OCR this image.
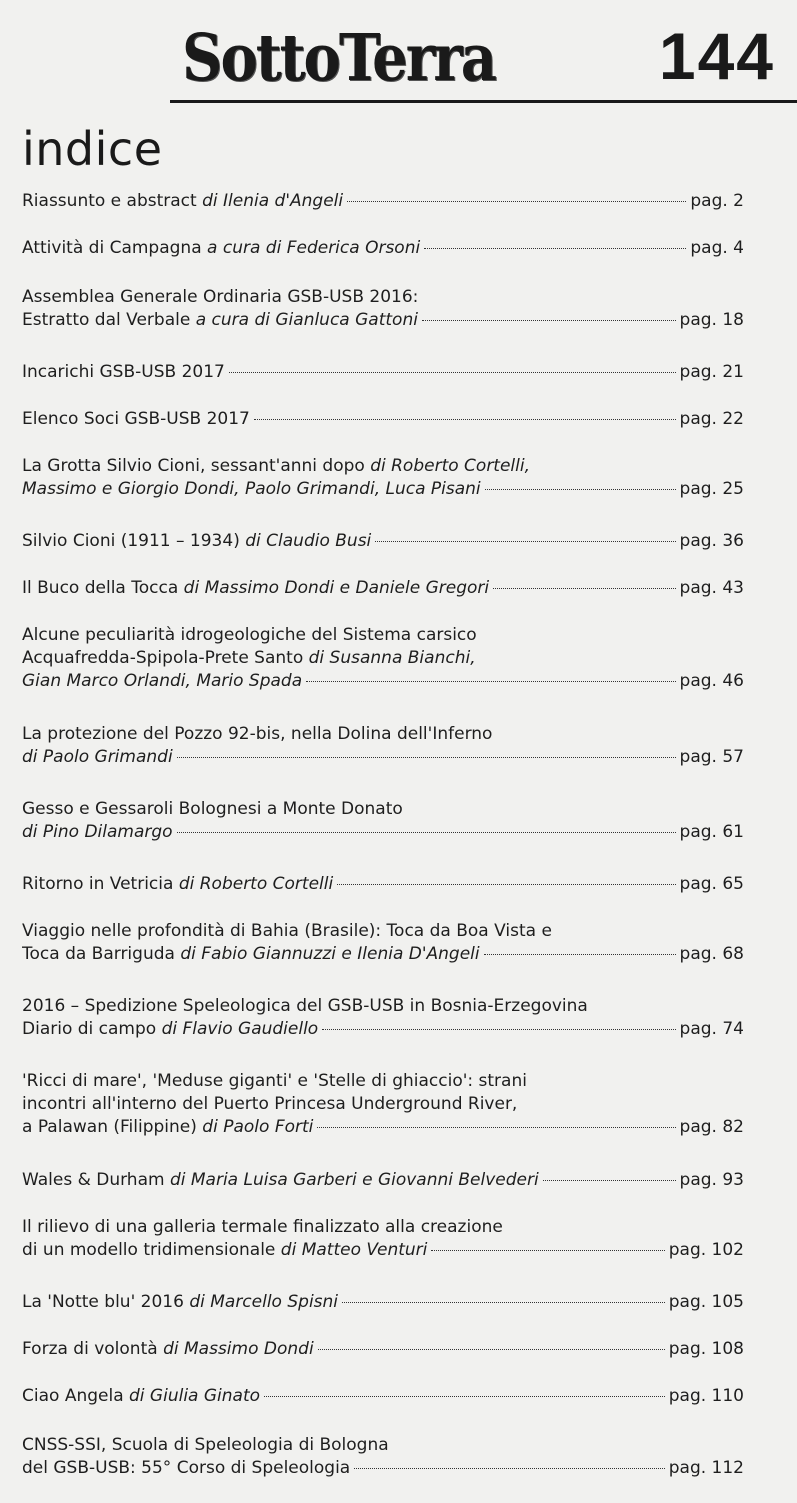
SottoTerra 144
indice
Riassunto e abstract di Ilenia d'Angeli	pag. 2
Attività di Campagna a cura di Federica Orsoni	pag. 4
Assemblea Generale Ordinaria GSB-USB 2016:
Estratto dal Verbale a cura di Gianluca Gattoni	pag. 18
Incarichi GSB-USB 2017	pag. 21
Elenco Soci GSB-USB 2017	pag. 22
La Grotta Silvio Cioni, sessant'anni dopo di Roberto Cortelli,
Massimo e Giorgio Dondi, Paolo Grimandi, Luca Pisani	pag. 25
Silvio Cioni (1911 – 1934) di Claudio Busi	pag. 36
Il Buco della Tocca di Massimo Dondi e Daniele Gregori	pag. 43
Alcune peculiarità idrogeologiche del Sistema carsico
Acquafredda-Spipola-Prete Santo di Susanna Bianchi,
Gian Marco Orlandi, Mario Spada	pag. 46
La protezione del Pozzo 92-bis, nella Dolina dell'Inferno
di Paolo Grimandi	pag. 57
Gesso e Gessaroli Bolognesi a Monte Donato
di Pino Dilamargo	pag. 61
Ritorno in Vetricia di Roberto Cortelli	pag. 65
Viaggio nelle profondità di Bahia (Brasile): Toca da Boa Vista e
Toca da Barriguda di Fabio Giannuzzi e Ilenia D'Angeli	pag. 68
2016 – Spedizione Speleologica del GSB-USB in Bosnia-Erzegovina
Diario di campo di Flavio Gaudiello	pag. 74
'Ricci di mare', 'Meduse giganti' e 'Stelle di ghiaccio': strani
incontri all'interno del Puerto Princesa Underground River,
a Palawan (Filippine) di Paolo Forti	pag. 82
Wales & Durham di Maria Luisa Garberi e Giovanni Belvederi	pag. 93
Il rilievo di una galleria termale finalizzato alla creazione
di un modello tridimensionale di Matteo Venturi	pag. 102
La 'Notte blu' 2016 di Marcello Spisni	pag. 105
Forza di volontà di Massimo Dondi	pag. 108
Ciao Angela di Giulia Ginato	pag. 110
CNSS-SSI, Scuola di Speleologia di Bologna
del GSB-USB: 55° Corso di Speleologia	pag. 112
